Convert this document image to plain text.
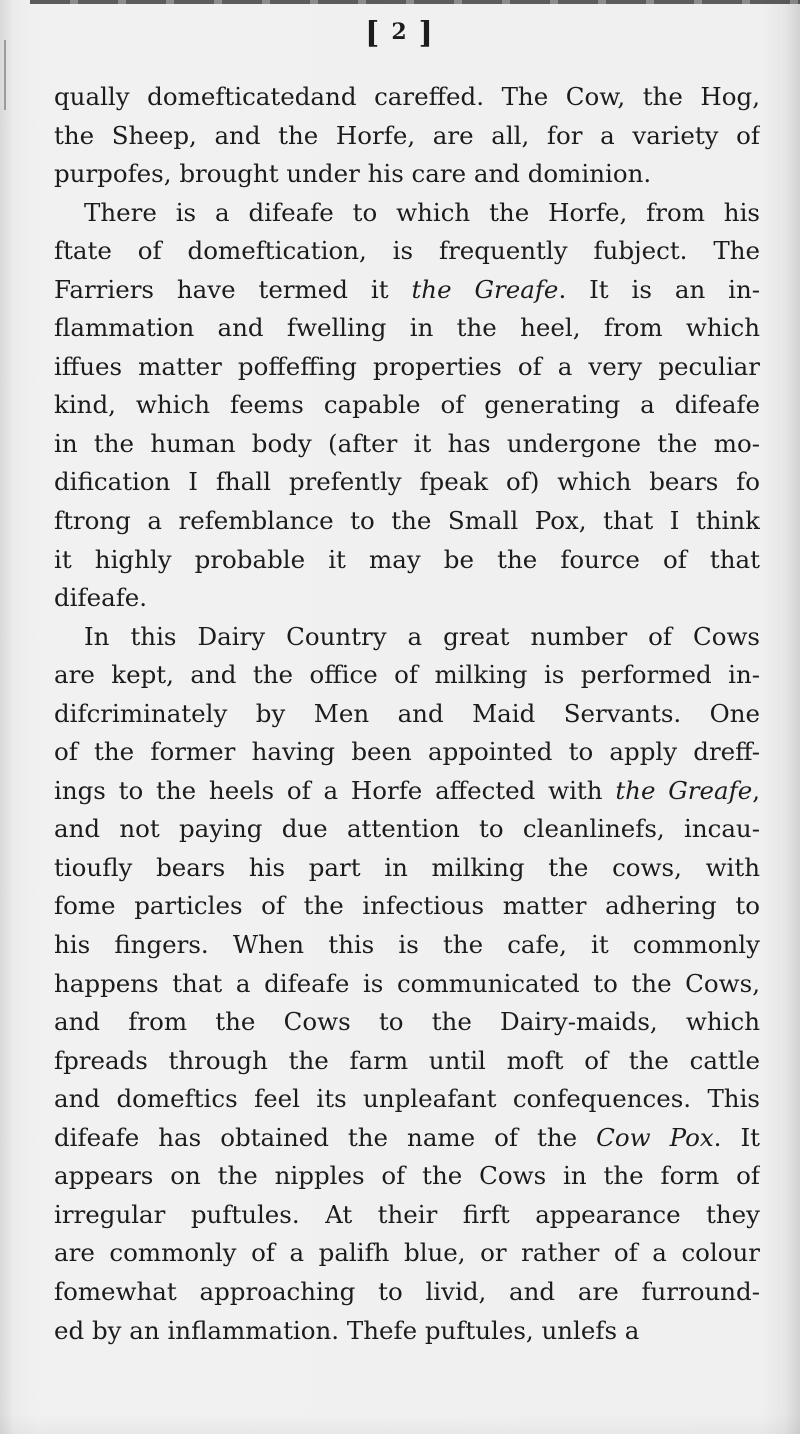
[ 2 ]
qually domefticatedand careffed. The Cow, the Hog,
the Sheep, and the Horfe, are all, for a variety of
purpofes, brought under his care and dominion.
There is a difeafe to which the Horfe, from his
ftate of domeftication, is frequently fubject. The
Farriers have termed it the Greafe. It is an in-
flammation and fwelling in the heel, from which
iffues matter poffeffing properties of a very peculiar
kind, which feems capable of generating a difeafe
in the human body (after it has undergone the mo-
dification I fhall prefently fpeak of) which bears fo
ftrong a refemblance to the Small Pox, that I think
it highly probable it may be the fource of that
difeafe.
In this Dairy Country a great number of Cows
are kept, and the office of milking is performed in-
difcriminately by Men and Maid Servants. One
of the former having been appointed to apply dreff-
ings to the heels of a Horfe affected with the Greafe,
and not paying due attention to cleanlinefs, incau-
tioufly bears his part in milking the cows, with
fome particles of the infectious matter adhering to
his fingers. When this is the cafe, it commonly
happens that a difeafe is communicated to the Cows,
and from the Cows to the Dairy-maids, which
fpreads through the farm until moft of the cattle
and domeftics feel its unpleafant confequences. This
difeafe has obtained the name of the Cow Pox. It
appears on the nipples of the Cows in the form of
irregular puftules. At their firft appearance they
are commonly of a palifh blue, or rather of a colour
fomewhat approaching to livid, and are furround-
ed by an inflammation. Thefe puftules, unlefs a
